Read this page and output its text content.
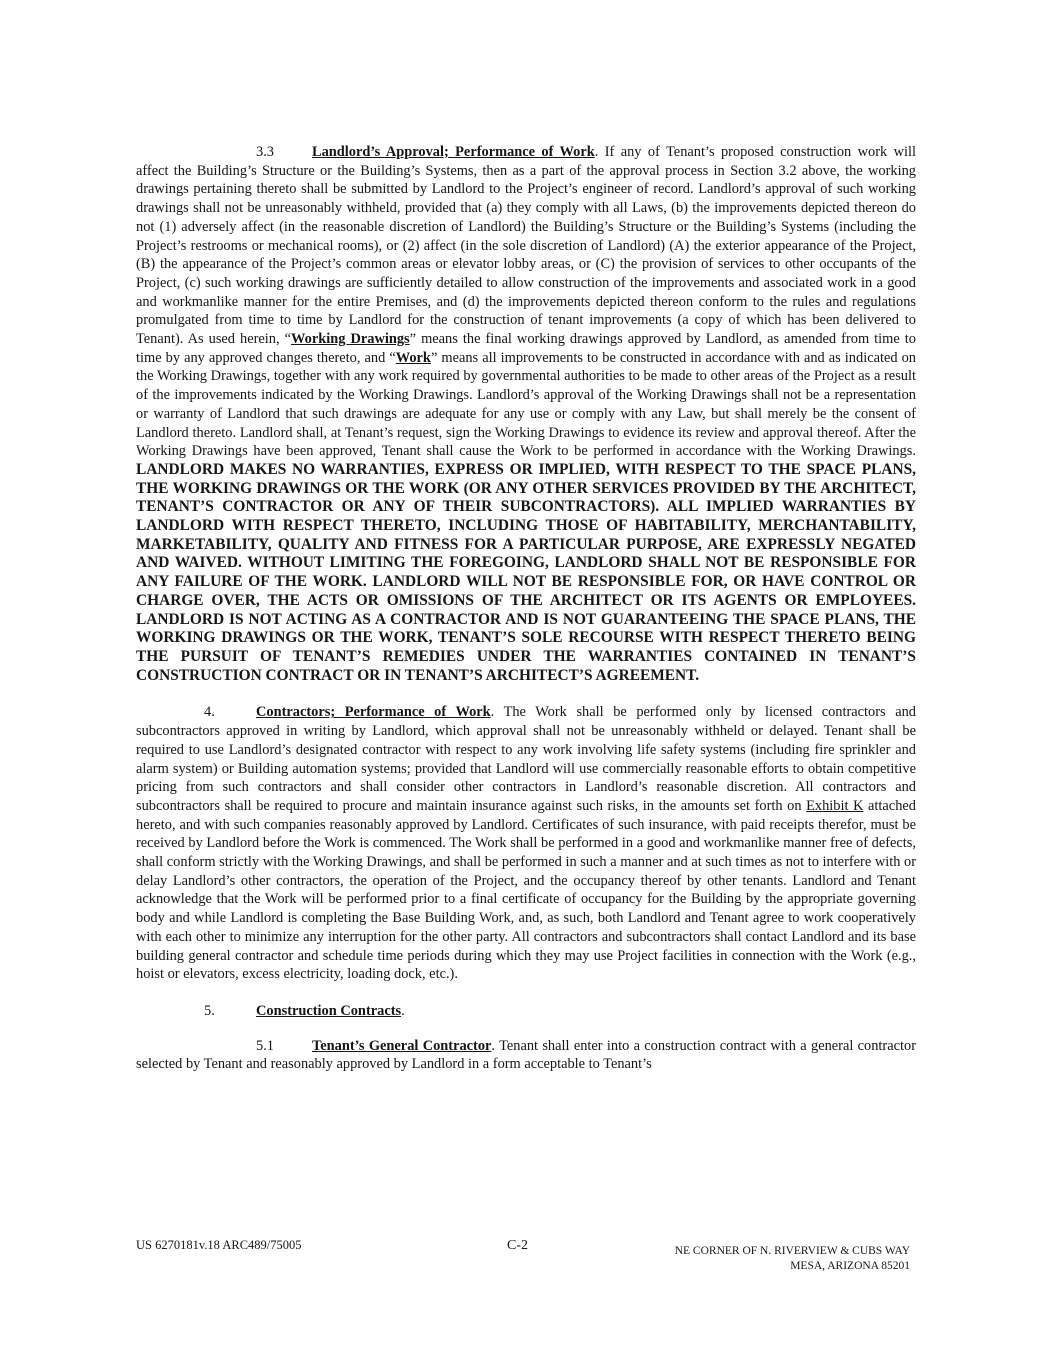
3.3	Landlord’s Approval; Performance of Work. If any of Tenant’s proposed construction work will affect the Building’s Structure or the Building’s Systems, then as a part of the approval process in Section 3.2 above, the working drawings pertaining thereto shall be submitted by Landlord to the Project’s engineer of record. Landlord’s approval of such working drawings shall not be unreasonably withheld, provided that (a) they comply with all Laws, (b) the improvements depicted thereon do not (1) adversely affect (in the reasonable discretion of Landlord) the Building’s Structure or the Building’s Systems (including the Project’s restrooms or mechanical rooms), or (2) affect (in the sole discretion of Landlord) (A) the exterior appearance of the Project, (B) the appearance of the Project’s common areas or elevator lobby areas, or (C) the provision of services to other occupants of the Project, (c) such working drawings are sufficiently detailed to allow construction of the improvements and associated work in a good and workmanlike manner for the entire Premises, and (d) the improvements depicted thereon conform to the rules and regulations promulgated from time to time by Landlord for the construction of tenant improvements (a copy of which has been delivered to Tenant). As used herein, “Working Drawings” means the final working drawings approved by Landlord, as amended from time to time by any approved changes thereto, and “Work” means all improvements to be constructed in accordance with and as indicated on the Working Drawings, together with any work required by governmental authorities to be made to other areas of the Project as a result of the improvements indicated by the Working Drawings. Landlord’s approval of the Working Drawings shall not be a representation or warranty of Landlord that such drawings are adequate for any use or comply with any Law, but shall merely be the consent of Landlord thereto. Landlord shall, at Tenant’s request, sign the Working Drawings to evidence its review and approval thereof. After the Working Drawings have been approved, Tenant shall cause the Work to be performed in accordance with the Working Drawings. LANDLORD MAKES NO WARRANTIES, EXPRESS OR IMPLIED, WITH RESPECT TO THE SPACE PLANS, THE WORKING DRAWINGS OR THE WORK (OR ANY OTHER SERVICES PROVIDED BY THE ARCHITECT, TENANT’S CONTRACTOR OR ANY OF THEIR SUBCONTRACTORS). ALL IMPLIED WARRANTIES BY LANDLORD WITH RESPECT THERETO, INCLUDING THOSE OF HABITABILITY, MERCHANTABILITY, MARKETABILITY, QUALITY AND FITNESS FOR A PARTICULAR PURPOSE, ARE EXPRESSLY NEGATED AND WAIVED. WITHOUT LIMITING THE FOREGOING, LANDLORD SHALL NOT BE RESPONSIBLE FOR ANY FAILURE OF THE WORK. LANDLORD WILL NOT BE RESPONSIBLE FOR, OR HAVE CONTROL OR CHARGE OVER, THE ACTS OR OMISSIONS OF THE ARCHITECT OR ITS AGENTS OR EMPLOYEES. LANDLORD IS NOT ACTING AS A CONTRACTOR AND IS NOT GUARANTEEING THE SPACE PLANS, THE WORKING DRAWINGS OR THE WORK, TENANT’S SOLE RECOURSE WITH RESPECT THERETO BEING THE PURSUIT OF TENANT’S REMEDIES UNDER THE WARRANTIES CONTAINED IN TENANT’S CONSTRUCTION CONTRACT OR IN TENANT’S ARCHITECT’S AGREEMENT.

4.	Contractors; Performance of Work. The Work shall be performed only by licensed contractors and subcontractors approved in writing by Landlord, which approval shall not be unreasonably withheld or delayed. Tenant shall be required to use Landlord’s designated contractor with respect to any work involving life safety systems (including fire sprinkler and alarm system) or Building automation systems; provided that Landlord will use commercially reasonable efforts to obtain competitive pricing from such contractors and shall consider other contractors in Landlord’s reasonable discretion. All contractors and subcontractors shall be required to procure and maintain insurance against such risks, in the amounts set forth on Exhibit K attached hereto, and with such companies reasonably approved by Landlord. Certificates of such insurance, with paid receipts therefor, must be received by Landlord before the Work is commenced. The Work shall be performed in a good and workmanlike manner free of defects, shall conform strictly with the Working Drawings, and shall be performed in such a manner and at such times as not to interfere with or delay Landlord’s other contractors, the operation of the Project, and the occupancy thereof by other tenants. Landlord and Tenant acknowledge that the Work will be performed prior to a final certificate of occupancy for the Building by the appropriate governing body and while Landlord is completing the Base Building Work, and, as such, both Landlord and Tenant agree to work cooperatively with each other to minimize any interruption for the other party. All contractors and subcontractors shall contact Landlord and its base building general contractor and schedule time periods during which they may use Project facilities in connection with the Work (e.g., hoist or elevators, excess electricity, loading dock, etc.).

5.	Construction Contracts.

5.1	Tenant’s General Contractor. Tenant shall enter into a construction contract with a general contractor selected by Tenant and reasonably approved by Landlord in a form acceptable to Tenant’s

US 6270181v.18 ARC489/75005	C-2	NE CORNER OF N. RIVERVIEW & CUBS WAY
MESA, ARIZONA 85201
